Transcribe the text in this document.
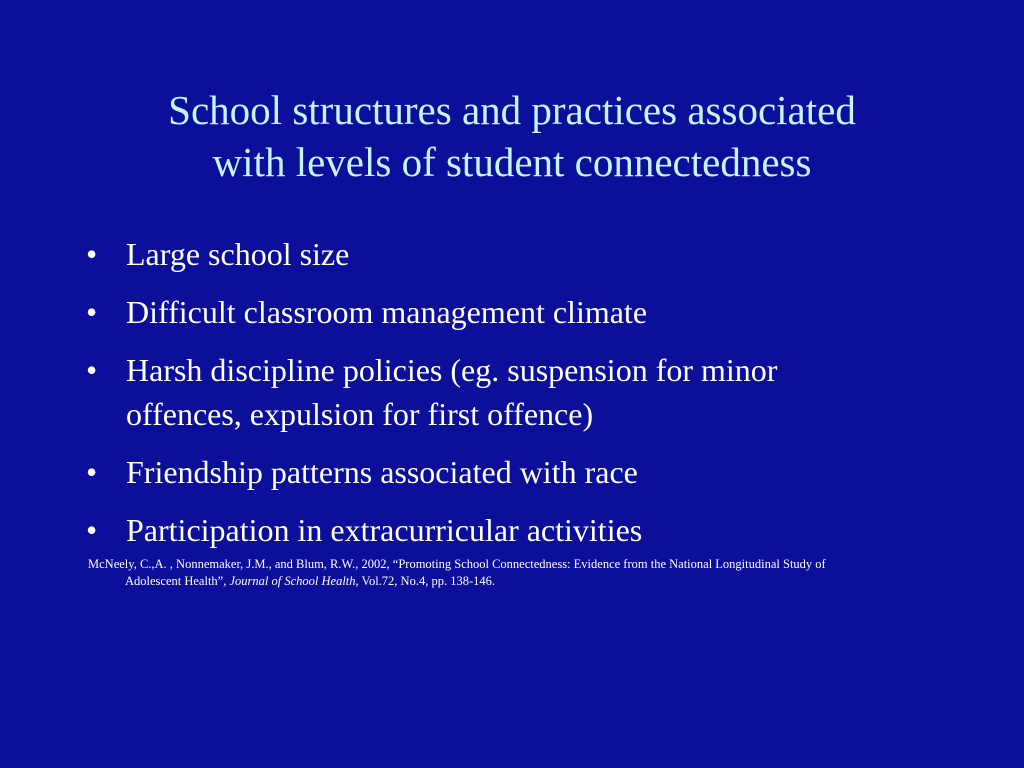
School structures and practices associated
with levels of student connectedness
• Large school size
• Difficult classroom management climate
• Harsh discipline policies (eg. suspension for minor
offences, expulsion for first offence)
• Friendship patterns associated with race
• Participation in extracurricular activities
McNeely, C.,A. , Nonnemaker, J.M., and Blum, R.W., 2002, “Promoting School Connectedness: Evidence from the National Longitudinal Study of
Adolescent Health”, Journal of School Health, Vol.72, No.4, pp. 138-146.
